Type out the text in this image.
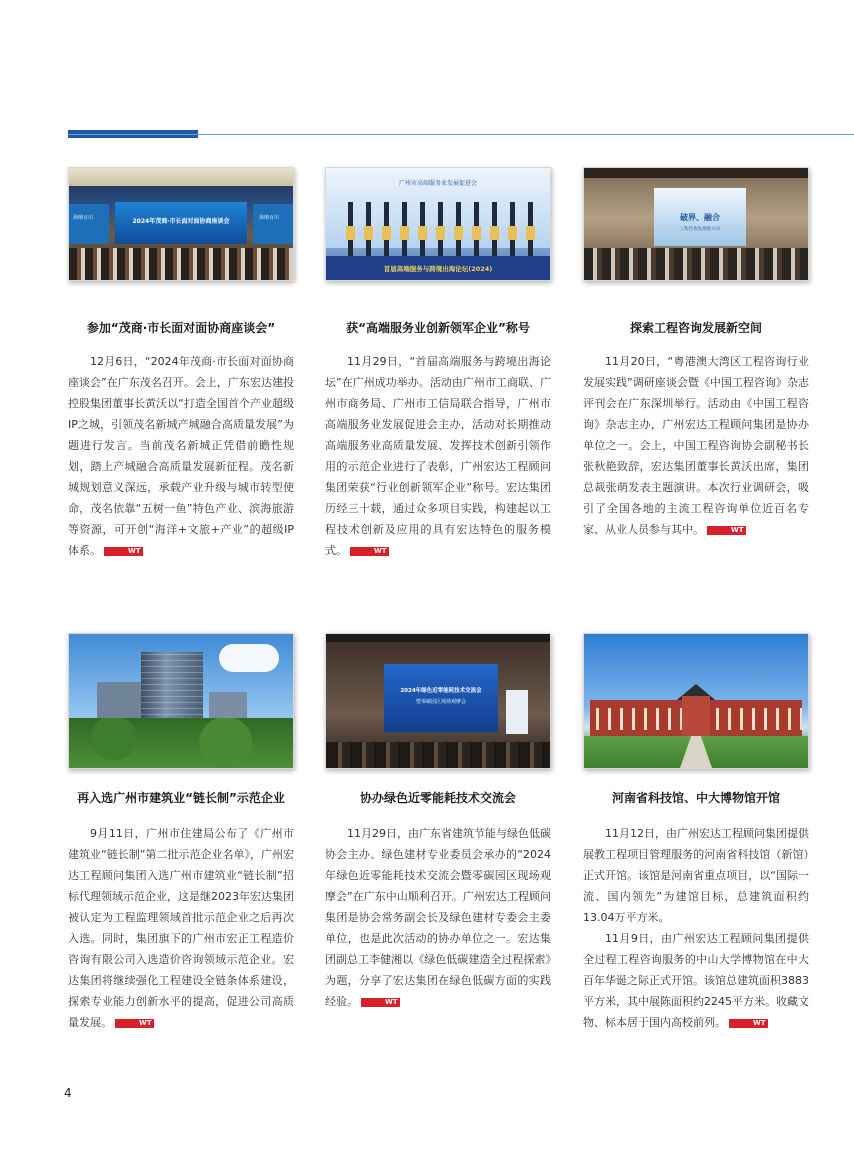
2024年茂商·市长面对面协商座谈会
海纳百川	海纳百川
参加“茂商·市长面对面协商座谈会”

12月6日，“2024年茂商·市长面对面协商座谈会”在广东茂名召开。会上，广东宏达建投控股集团董事长黄沃以“打造全国首个产业超级IP之城，引领茂名新城产城融合高质量发展”为题进行发言。当前茂名新城正凭借前瞻性规划，踏上产城融合高质量发展新征程。茂名新城规划意义深远，承载产业升级与城市转型使命，茂名依靠“五树一鱼”特色产业、滨海旅游等资源，可开创“海洋+文旅+产业”的超级IP体系。	WT

广州市高端服务业发展促进会
首届高端服务与跨境出海论坛(2024)
获“高端服务业创新领军企业”称号

11月29日，“首届高端服务与跨境出海论坛”在广州成功举办。活动由广州市工商联、广州市商务局、广州市工信局联合指导，广州市高端服务业发展促进会主办，活动对长期推动高端服务业高质量发展、发挥技术创新引领作用的示范企业进行了表彰，广州宏达工程顾问集团荣获“行业创新领军企业”称号。宏达集团历经三十载，通过众多项目实践，构建起以工程技术创新及应用的具有宏达特色的服务模式。	WT

破界、融合
工程咨询发展新方向
探索工程咨询发展新空间

11月20日，“粤港澳大湾区工程咨询行业发展实践”调研座谈会暨《中国工程咨询》杂志评刊会在广东深圳举行。活动由《中国工程咨询》杂志主办，广州宏达工程顾问集团是协办单位之一。会上，中国工程咨询协会副秘书长张秋艳致辞，宏达集团董事长黄沃出席，集团总裁张萌发表主题演讲。本次行业调研会，吸引了全国各地的主流工程咨询单位近百名专家、从业人员参与其中。	WT

再入选广州市建筑业“链长制”示范企业

9月11日，广州市住建局公布了《广州市建筑业“链长制”第二批示范企业名单》，广州宏达工程顾问集团入选广州市建筑业“链长制”招标代理领域示范企业，这是继2023年宏达集团被认定为工程监理领域首批示范企业之后再次入选。同时，集团旗下的广州市宏正工程造价咨询有限公司入选造价咨询领域示范企业。宏达集团将继续强化工程建设全链条体系建设，探索专业能力创新水平的提高，促进公司高质量发展。	WT

2024年绿色近零能耗技术交流会
暨零碳园区现场观摩会
协办绿色近零能耗技术交流会

11月29日，由广东省建筑节能与绿色低碳协会主办、绿色建材专业委员会承办的“2024年绿色近零能耗技术交流会暨零碳园区现场观摩会”在广东中山顺利召开。广州宏达工程顾问集团是协会常务副会长及绿色建材专委会主委单位，也是此次活动的协办单位之一。宏达集团副总工李健湘以《绿色低碳建造全过程探索》为题，分享了宏达集团在绿色低碳方面的实践经验。	WT

河南省科技馆、中大博物馆开馆

11月12日，由广州宏达工程顾问集团提供展教工程项目管理服务的河南省科技馆（新馆）正式开馆。该馆是河南省重点项目，以“国际一流、国内领先”为建馆目标，总建筑面积约13.04万平方米。

11月9日，由广州宏达工程顾问集团提供全过程工程咨询服务的中山大学博物馆在中大百年华诞之际正式开馆。该馆总建筑面积3883平方米，其中展陈面积约2245平方米。收藏文物、标本居于国内高校前列。	WT

4
